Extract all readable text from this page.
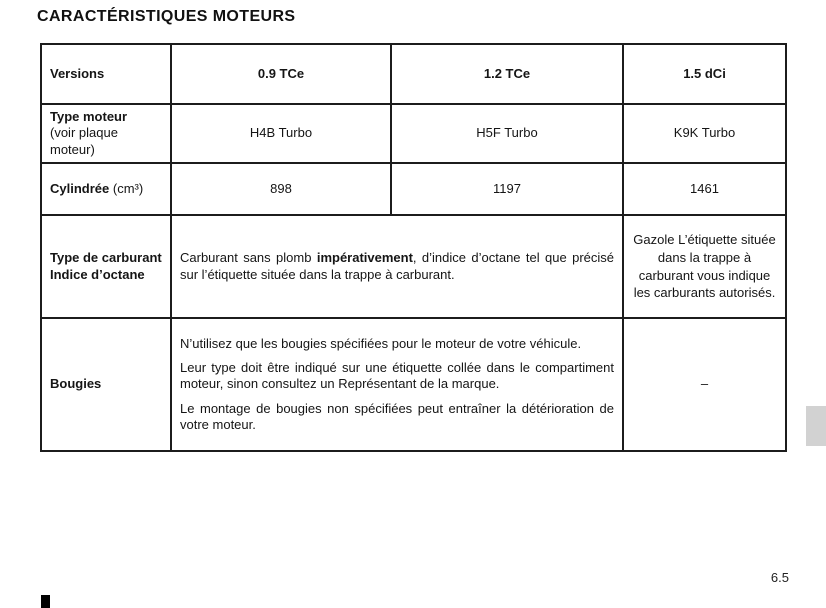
CARACTÉRISTIQUES MOTEURS
Versions	0.9 TCe	1.2 TCe	1.5 dCi

Type moteur
(voir plaque moteur)	H4B Turbo	H5F Turbo	K9K Turbo
Cylindrée (cm³)	898	1197	1461

Type de carburant
Indice d’octane	Carburant sans plomb impérativement, d’indice d’octane tel que précisé sur l’étiquette située dans la trappe à carburant.		Gazole L’étiquette située dans la trappe à carburant vous indique les carburants autorisés.

Bougies	N’utilisez que les bougies spécifiées pour le moteur de votre véhicule.

Leur type doit être indiqué sur une étiquette collée dans le compartiment moteur, sinon consultez un Représentant de la marque.

Le montage de bougies non spécifiées peut entraîner la détérioration de votre moteur.		–
6.5
